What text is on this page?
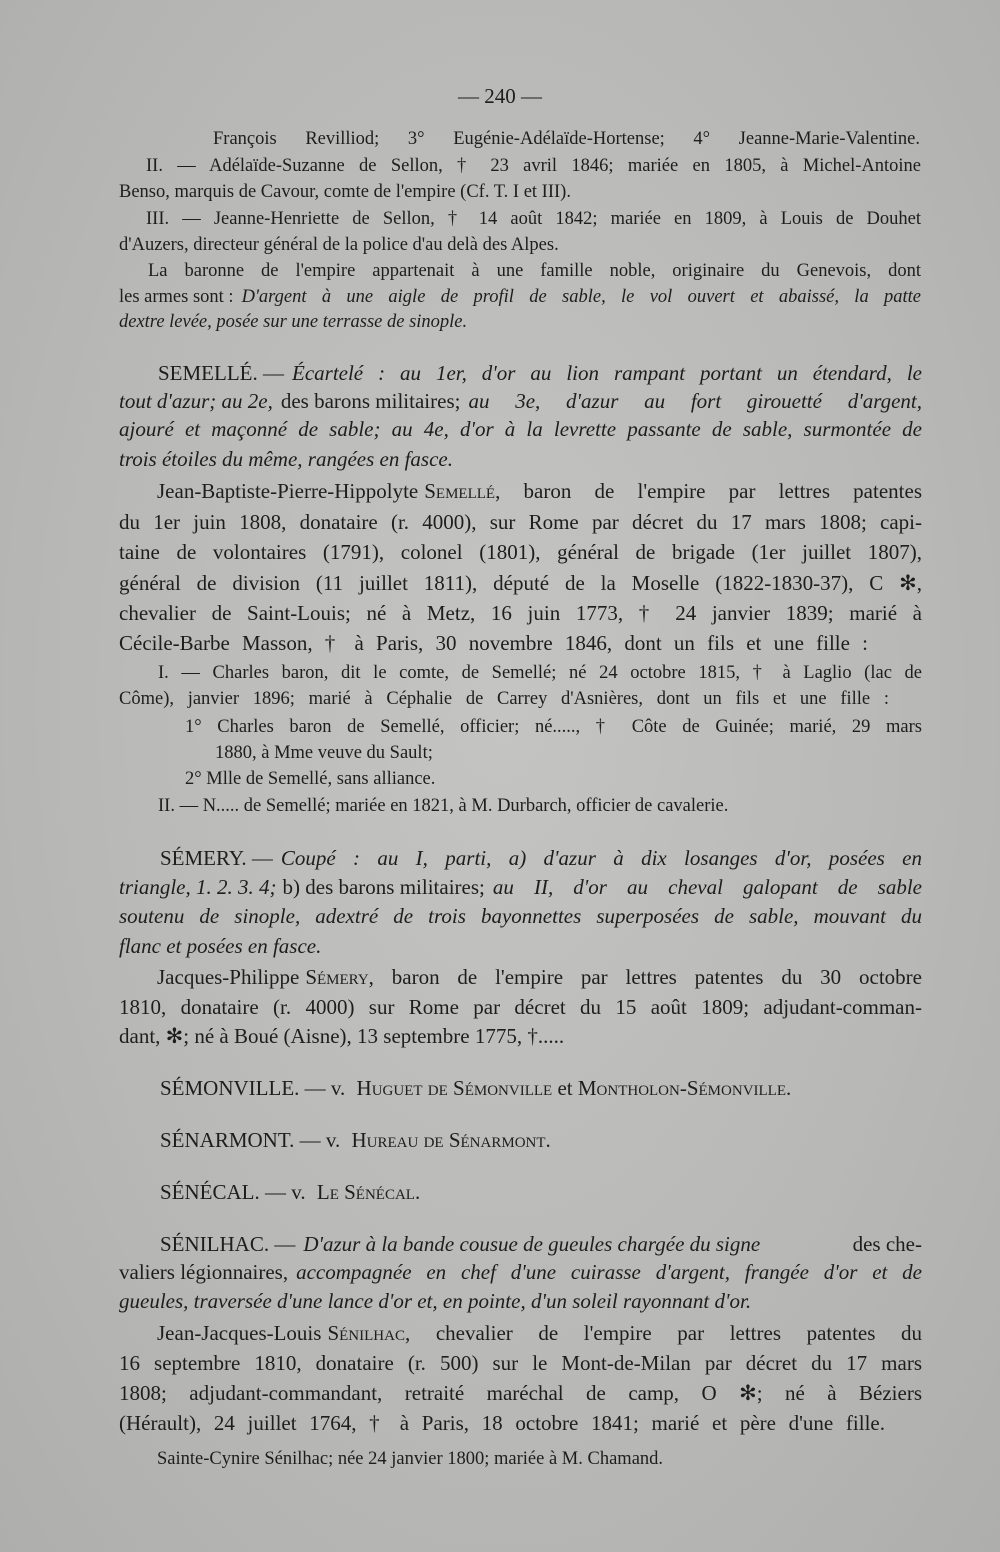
— 240 —
François Revilliod; 3° Eugénie-Adélaïde-Hortense; 4° Jeanne-Marie-Valentine.
II. — Adélaïde-Suzanne de Sellon, † 23 avril 1846; mariée en 1805, à Michel-Antoine
Benso, marquis de Cavour, comte de l'empire (Cf. T. I et III).
III. — Jeanne-Henriette de Sellon, † 14 août 1842; mariée en 1809, à Louis de Douhet
d'Auzers, directeur général de la police d'au delà des Alpes.
La baronne de l'empire appartenait à une famille noble, originaire du Genevois, dont
les armes sont : D'argent à une aigle de profil de sable, le vol ouvert et abaissé, la patte
dextre levée, posée sur une terrasse de sinople.
SEMELLÉ. — Écartelé : au 1er, d'or au lion rampant portant un étendard, le
tout d'azur; au 2e, des barons militaires; au 3e, d'azur au fort girouetté d'argent,
ajouré et maçonné de sable; au 4e, d'or à la levrette passante de sable, surmontée de
trois étoiles du même, rangées en fasce.
Jean-Baptiste-Pierre-Hippolyte Semellé , baron de l'empire par lettres patentes
du 1er juin 1808, donataire (r. 4000), sur Rome par décret du 17 mars 1808; capi-
taine de volontaires (1791), colonel (1801), général de brigade (1er juillet 1807),
général de division (11 juillet 1811), député de la Moselle (1822-1830-37), C ✻,
chevalier de Saint-Louis; né à Metz, 16 juin 1773, † 24 janvier 1839; marié à
Cécile-Barbe Masson, † à Paris, 30 novembre 1846, dont un fils et une fille :
I. — Charles baron, dit le comte, de Semellé; né 24 octobre 1815, † à Laglio (lac de
Côme), janvier 1896; marié à Céphalie de Carrey d'Asnières, dont un fils et une fille :
1° Charles baron de Semellé, officier; né....., † Côte de Guinée; marié, 29 mars
1880, à Mme veuve du Sault;
2° Mlle de Semellé, sans alliance.
II. — N..... de Semellé; mariée en 1821, à M. Durbarch, officier de cavalerie.
SÉMERY. — Coupé : au I, parti, a) d'azur à dix losanges d'or, posées en
triangle, 1. 2. 3. 4; b) des barons militaires; au II, d'or au cheval galopant de sable
soutenu de sinople, adextré de trois bayonnettes superposées de sable, mouvant du
flanc et posées en fasce.
Jacques-Philippe Sémery , baron de l'empire par lettres patentes du 30 octobre
1810, donataire (r. 4000) sur Rome par décret du 15 août 1809; adjudant-comman-
dant, ✻; né à Boué (Aisne), 13 septembre 1775, †.....
SÉMONVILLE. — v. Huguet de Sémonville et Montholon-Sémonville.
SÉNARMONT. — v. Hureau de Sénarmont.
SÉNÉCAL. — v. Le Sénécal.
SÉNILHAC. — D'azur à la bande cousue de gueules chargée du signe	des che-
valiers légionnaires, accompagnée en chef d'une cuirasse d'argent, frangée d'or et de
gueules, traversée d'une lance d'or et, en pointe, d'un soleil rayonnant d'or.
Jean-Jacques-Louis Sénilhac , chevalier de l'empire par lettres patentes du
16 septembre 1810, donataire (r. 500) sur le Mont-de-Milan par décret du 17 mars
1808; adjudant-commandant, retraité maréchal de camp, O ✻; né à Béziers
(Hérault), 24 juillet 1764, † à Paris, 18 octobre 1841; marié et père d'une fille.
Sainte-Cynire Sénilhac; née 24 janvier 1800; mariée à M. Chamand.
